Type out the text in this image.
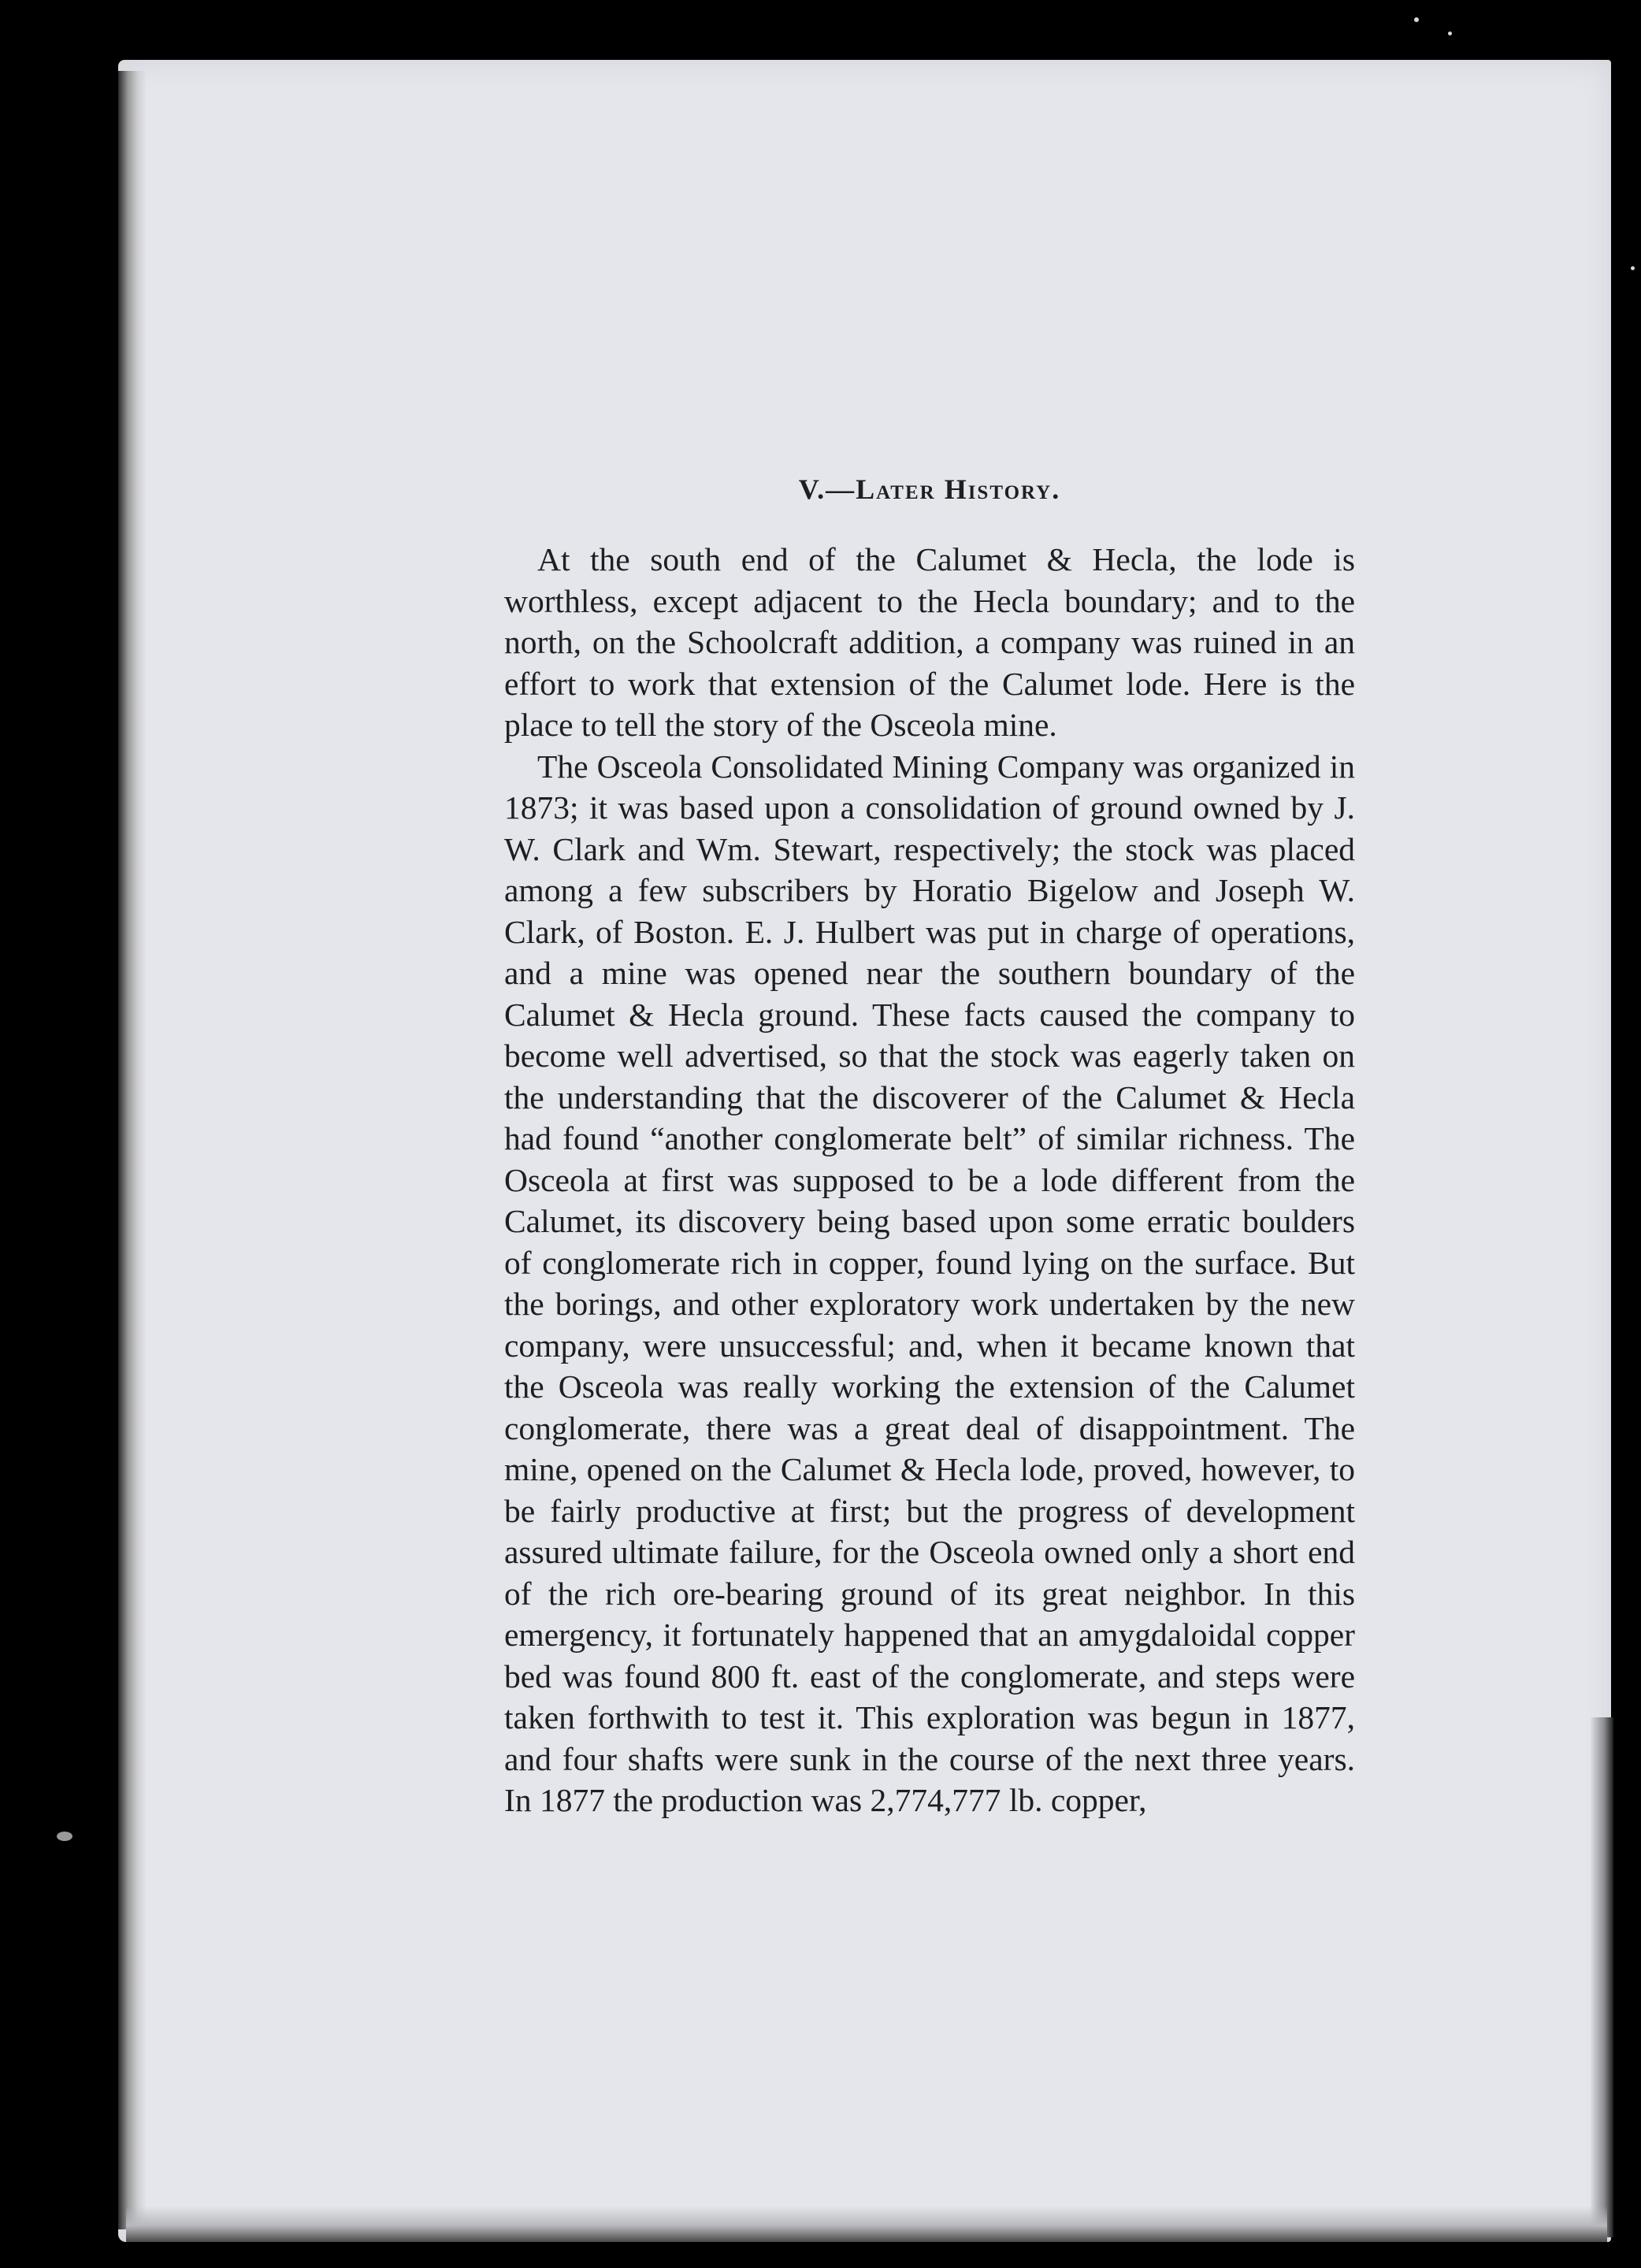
V.—Later History.

At the south end of the Calumet & Hecla, the lode is worthless, except adjacent to the Hecla boundary; and to the north, on the Schoolcraft addition, a company was ruined in an effort to work that extension of the Calumet lode. Here is the place to tell the story of the Osceola mine.

The Osceola Consolidated Mining Company was organized in 1873; it was based upon a consolidation of ground owned by J. W. Clark and Wm. Stewart, respectively; the stock was placed among a few subscribers by Horatio Bigelow and Joseph W. Clark, of Boston. E. J. Hulbert was put in charge of operations, and a mine was opened near the southern boundary of the Calumet & Hecla ground. These facts caused the company to become well advertised, so that the stock was eagerly taken on the understanding that the discoverer of the Calumet & Hecla had found “another conglomerate belt” of similar richness. The Osceola at first was supposed to be a lode different from the Calumet, its discovery being based upon some erratic boulders of conglomerate rich in copper, found lying on the surface. But the borings, and other exploratory work undertaken by the new company, were unsuccessful; and, when it became known that the Osceola was really working the extension of the Calumet conglomerate, there was a great deal of disappointment. The mine, opened on the Calumet & Hecla lode, proved, however, to be fairly productive at first; but the progress of development assured ultimate failure, for the Osceola owned only a short end of the rich ore-bearing ground of its great neighbor. In this emergency, it fortunately happened that an amygdaloidal copper bed was found 800 ft. east of the conglomerate, and steps were taken forthwith to test it. This exploration was begun in 1877, and four shafts were sunk in the course of the next three years. In 1877 the production was 2,774,777 lb. copper,
